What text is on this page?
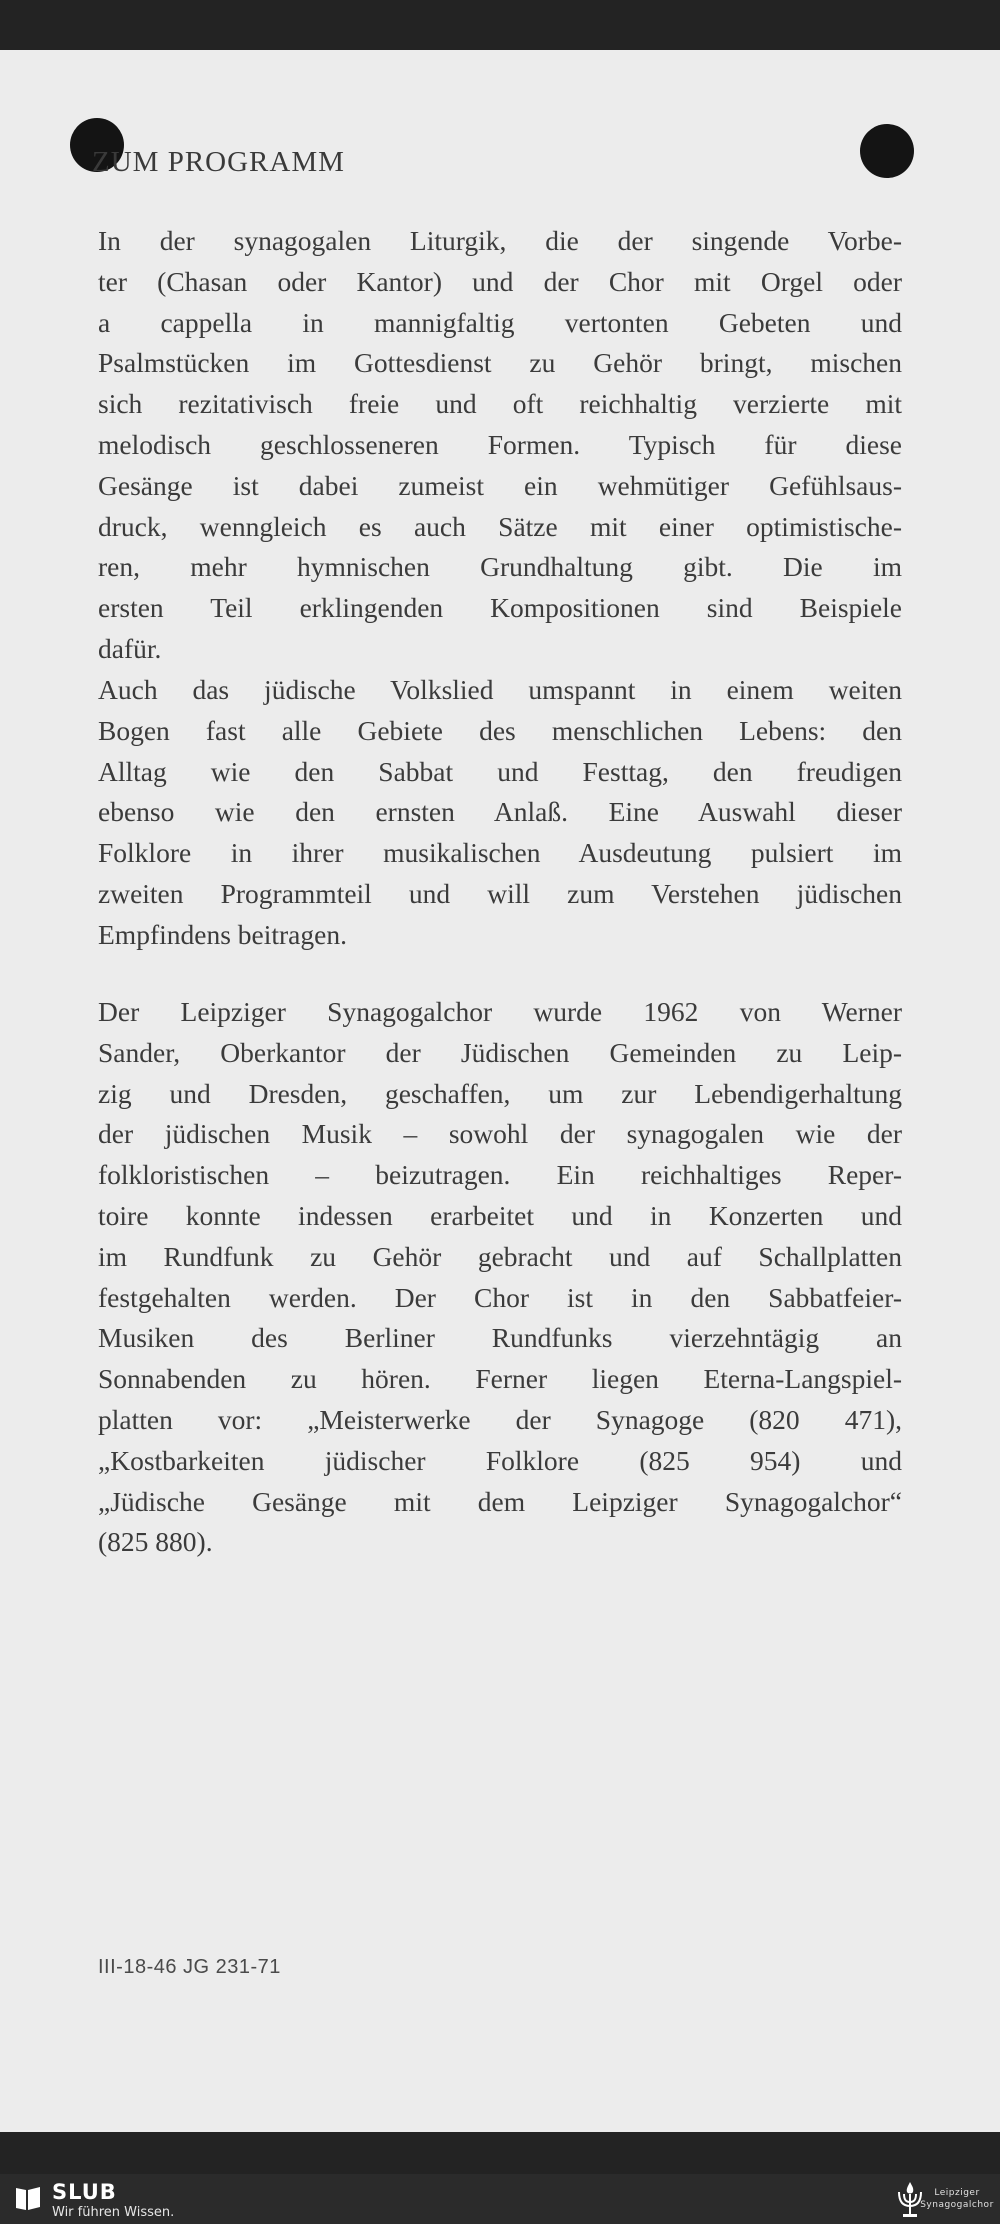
ZUM PROGRAMM
In der synagogalen Liturgik, die der singende Vorbe-
ter (Chasan oder Kantor) und der Chor mit Orgel oder
a cappella in mannigfaltig vertonten Gebeten und
Psalmstücken im Gottesdienst zu Gehör bringt, mischen
sich rezitativisch freie und oft reichhaltig verzierte mit
melodisch geschlosseneren Formen. Typisch für diese
Gesänge ist dabei zumeist ein wehmütiger Gefühlsaus-
druck, wenngleich es auch Sätze mit einer optimistische-
ren, mehr hymnischen Grundhaltung gibt. Die im
ersten Teil erklingenden Kompositionen sind Beispiele
dafür.
Auch das jüdische Volkslied umspannt in einem weiten
Bogen fast alle Gebiete des menschlichen Lebens: den
Alltag wie den Sabbat und Festtag, den freudigen
ebenso wie den ernsten Anlaß. Eine Auswahl dieser
Folklore in ihrer musikalischen Ausdeutung pulsiert im
zweiten Programmteil und will zum Verstehen jüdischen
Empfindens beitragen.
Der Leipziger Synagogalchor wurde 1962 von Werner
Sander, Oberkantor der Jüdischen Gemeinden zu Leip-
zig und Dresden, geschaffen, um zur Lebendigerhaltung
der jüdischen Musik – sowohl der synagogalen wie der
folkloristischen – beizutragen. Ein reichhaltiges Reper-
toire konnte indessen erarbeitet und in Konzerten und
im Rundfunk zu Gehör gebracht und auf Schallplatten
festgehalten werden. Der Chor ist in den Sabbatfeier-
Musiken des Berliner Rundfunks vierzehntägig an
Sonnabenden zu hören. Ferner liegen Eterna-Langspiel-
platten vor: „Meisterwerke der Synagoge (820 471),
„Kostbarkeiten jüdischer Folklore (825 954) und
„Jüdische Gesänge mit dem Leipziger Synagogalchor“
(825 880).
III-18-46 JG 231-71
SLUB
Wir führen Wissen.
Leipziger
Synagogalchor
